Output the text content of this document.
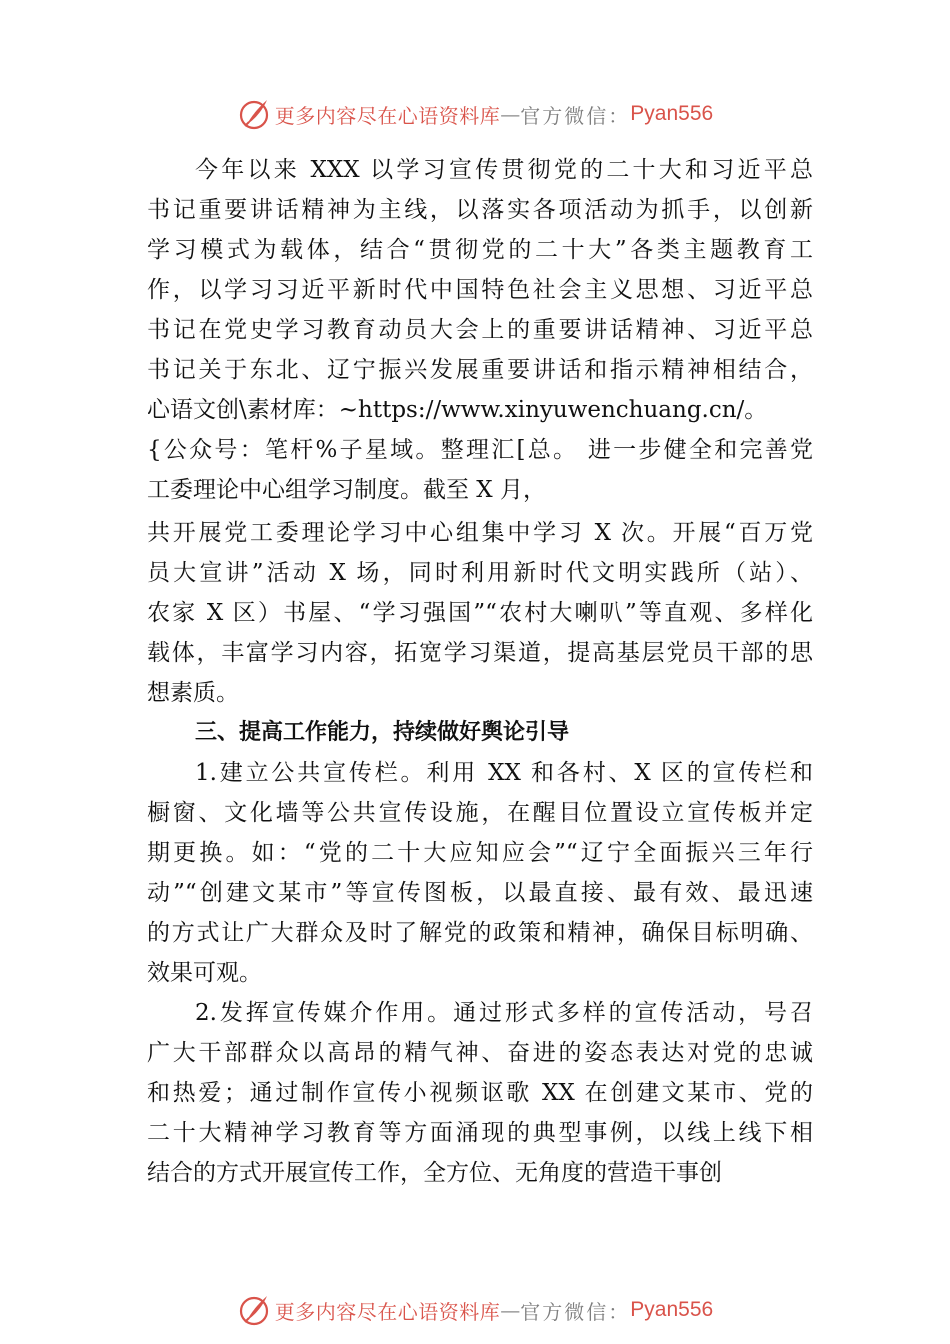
更多内容尽在心语资料库 — 官方微信： Pyan556
今年以来 XXX 以学习宣传贯彻党的二十大和习近平总
书记重要讲话精神为主线，以落实各项活动为抓手，以创新
学习模式为载体，结合“贯彻党的二十大”各类主题教育工
作，以学习习近平新时代中国特色社会主义思想、习近平总
书记在党史学习教育动员大会上的重要讲话精神、习近平总
书记关于东北、辽宁振兴发展重要讲话和指示精神相结合，
心语文创\素材库：~https://www.xinyuwenchuang.cn/。
{公众号：笔杆%子星域。整理汇[总。 进一步健全和完善党
工委理论中心组学习制度。截至 X 月，
共开展党工委理论学习中心组集中学习 X 次。开展“百万党
员大宣讲”活动 X 场，同时利用新时代文明实践所（站）、
农家 X 区）书屋、“学习强国”“农村大喇叭”等直观、多样化
载体，丰富学习内容，拓宽学习渠道，提高基层党员干部的思
想素质。
三、提高工作能力，持续做好舆论引导
1.建立公共宣传栏。利用 XX 和各村、X 区的宣传栏和
橱窗、文化墙等公共宣传设施，在醒目位置设立宣传板并定
期更换。如：“党的二十大应知应会”“辽宁全面振兴三年行
动”“创建文某市”等宣传图板，以最直接、最有效、最迅速
的方式让广大群众及时了解党的政策和精神，确保目标明确、
效果可观。
2.发挥宣传媒介作用。通过形式多样的宣传活动，号召
广大干部群众以高昂的精气神、奋进的姿态表达对党的忠诚
和热爱；通过制作宣传小视频讴歌 XX 在创建文某市、党的
二十大精神学习教育等方面涌现的典型事例，以线上线下相
结合的方式开展宣传工作，全方位、无角度的营造干事创
更多内容尽在心语资料库 — 官方微信： Pyan556
